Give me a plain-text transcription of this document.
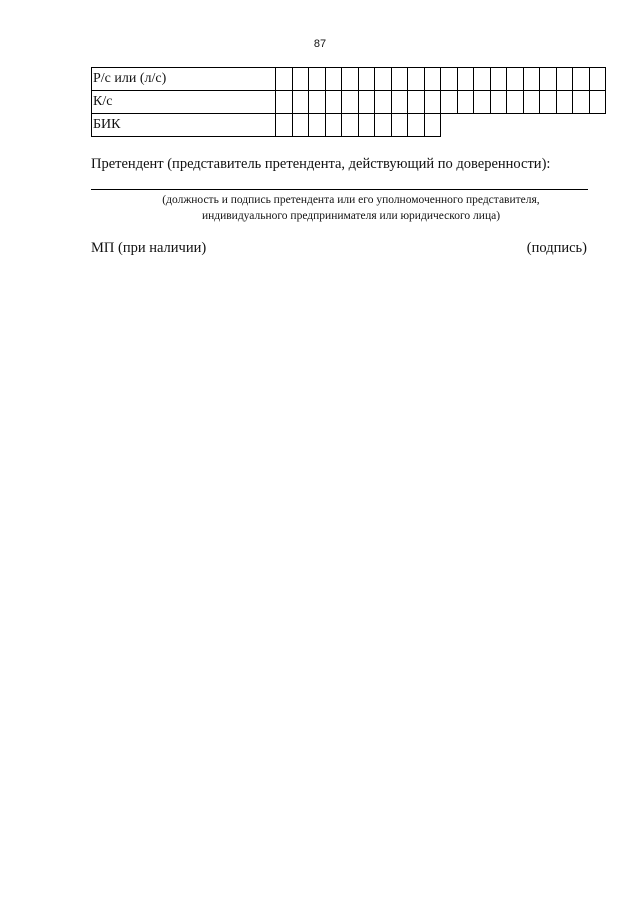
87
Р/с или (л/с)																				
К/с																				
БИК																				
Претендент (представитель претендента, действующий по доверенности):
(должность и подпись претендента или его уполномоченного представителя,
индивидуального предпринимателя или юридического лица)
МП (при наличии)	(подпись)
